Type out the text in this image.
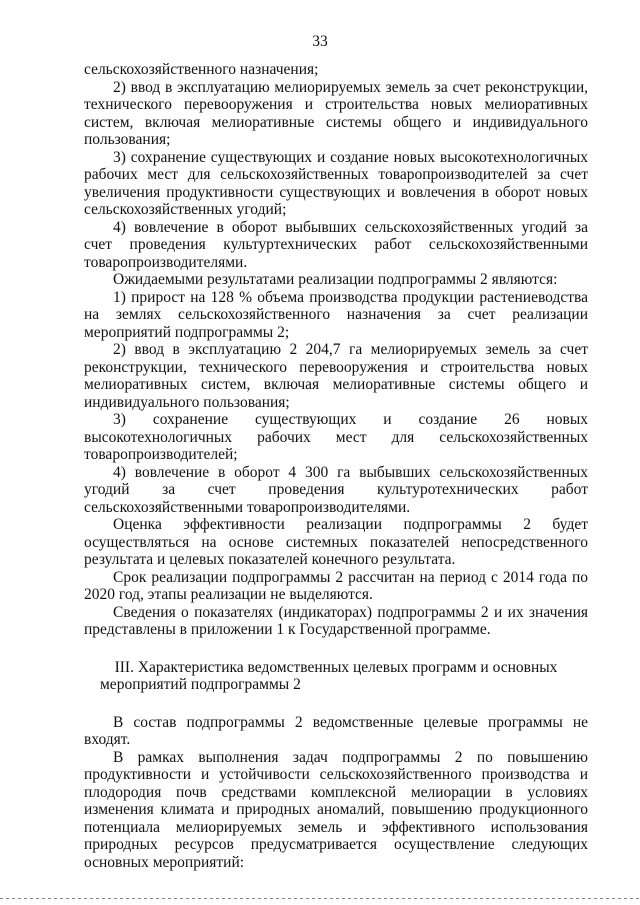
33
сельскохозяйственного назначения;
2) ввод в эксплуатацию мелиорируемых земель за счет реконструкции, технического перевооружения и строительства новых мелиоративных систем, включая мелиоративные системы общего и индивидуального пользования;
3) сохранение существующих и создание новых высокотехнологичных рабочих мест для сельскохозяйственных товаропроизводителей за счет увеличения продуктивности существующих и вовлечения в оборот новых сельскохозяйственных угодий;
4) вовлечение в оборот выбывших сельскохозяйственных угодий за счет проведения культуртехнических работ сельскохозяйственными товаропроизводителями.
Ожидаемыми результатами реализации подпрограммы 2 являются:
1) прирост на 128 % объема производства продукции растениеводства на землях сельскохозяйственного назначения за счет реализации мероприятий подпрограммы 2;
2) ввод в эксплуатацию 2 204,7 га мелиорируемых земель за счет реконструкции, технического перевооружения и строительства новых мелиоративных систем, включая мелиоративные системы общего и индивидуального пользования;
3) сохранение существующих и создание 26 новых высокотехнологичных рабочих мест для сельскохозяйственных товаропроизводителей;
4) вовлечение в оборот 4 300 га выбывших сельскохозяйственных угодий за счет проведения культуротехнических работ сельскохозяйственными товаропроизводителями.
Оценка эффективности реализации подпрограммы 2 будет осуществляться на основе системных показателей непосредственного результата и целевых показателей конечного результата.
Срок реализации подпрограммы 2 рассчитан на период с 2014 года по 2020 год, этапы реализации не выделяются.
Сведения о показателях (индикаторах) подпрограммы 2 и их значения представлены в приложении 1 к Государственной программе.
III. Характеристика ведомственных целевых программ и основных мероприятий подпрограммы 2
В состав подпрограммы 2 ведомственные целевые программы не входят.
В рамках выполнения задач подпрограммы 2 по повышению продуктивности и устойчивости сельскохозяйственного производства и плодородия почв средствами комплексной мелиорации в условиях изменения климата и природных аномалий, повышению продукционного потенциала мелиорируемых земель и эффективного использования природных ресурсов предусматривается осуществление следующих основных мероприятий:
